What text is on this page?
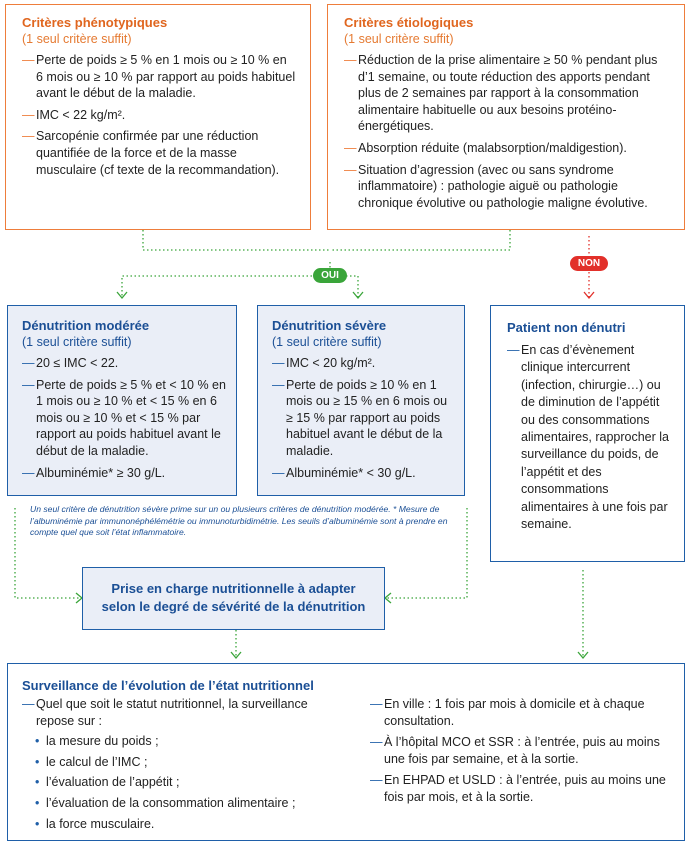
OUI
NON
Critères phénotypiques
(1 seul critère suffit)
— Perte de poids ≥ 5 % en 1 mois ou ≥ 10 % en 6 mois ou ≥ 10 % par rapport au poids habituel avant le début de la maladie.
— IMC < 22 kg/m².
— Sarcopénie confirmée par une réduction quantifiée de la force et de la masse musculaire (cf texte de la recommandation).
Critères étiologiques
(1 seul critère suffit)
— Réduction de la prise alimentaire ≥ 50 % pendant plus d’1 semaine, ou toute réduction des apports pendant plus de 2 semaines par rapport à la consommation alimentaire habituelle ou aux besoins protéino-énergétiques.
— Absorption réduite (malabsorption/maldigestion).
— Situation d’agression (avec ou sans syndrome inflammatoire) : pathologie aiguë ou pathologie chronique évolutive ou pathologie maligne évolutive.
Dénutrition modérée
(1 seul critère suffit)
— 20 ≤ IMC < 22.
— Perte de poids ≥ 5 % et < 10 % en 1 mois ou ≥ 10 % et < 15 % en 6 mois ou ≥ 10 % et < 15 % par rapport au poids habituel avant le début de la maladie.
— Albuminémie* ≥ 30 g/L.
Dénutrition sévère
(1 seul critère suffit)
— IMC < 20 kg/m².
— Perte de poids ≥ 10 % en 1 mois ou ≥ 15 % en 6 mois ou ≥ 15 % par rapport au poids habituel avant le début de la maladie.
— Albuminémie* < 30 g/L.
Un seul critère de dénutrition sévère prime sur un ou plusieurs critères de dénutrition modérée. * Mesure de l’albuminémie par immunonéphélémétrie ou immunoturbidimétrie. Les seuils d’albuminémie sont à prendre en compte quel que soit l’état inflammatoire.
Patient non dénutri
— En cas d’évènement clinique intercurrent (infection, chirurgie…) ou de diminution de l’appétit ou des consommations alimentaires, rapprocher la surveillance du poids, de l’appétit et des consommations alimentaires à une fois par semaine.
Prise en charge nutritionnelle à adapter
selon le degré de sévérité de la dénutrition
Surveillance de l’évolution de l’état nutritionnel
— Quel que soit le statut nutritionnel, la surveillance repose sur :
• la mesure du poids ;
• le calcul de l’IMC ;
• l’évaluation de l’appétit ;
• l’évaluation de la consommation alimentaire ;
• la force musculaire.
— En ville : 1 fois par mois à domicile et à chaque consultation.
— À l’hôpital MCO et SSR : à l’entrée, puis au moins une fois par semaine, et à la sortie.
— En EHPAD et USLD : à l’entrée, puis au moins une fois par mois, et à la sortie.
